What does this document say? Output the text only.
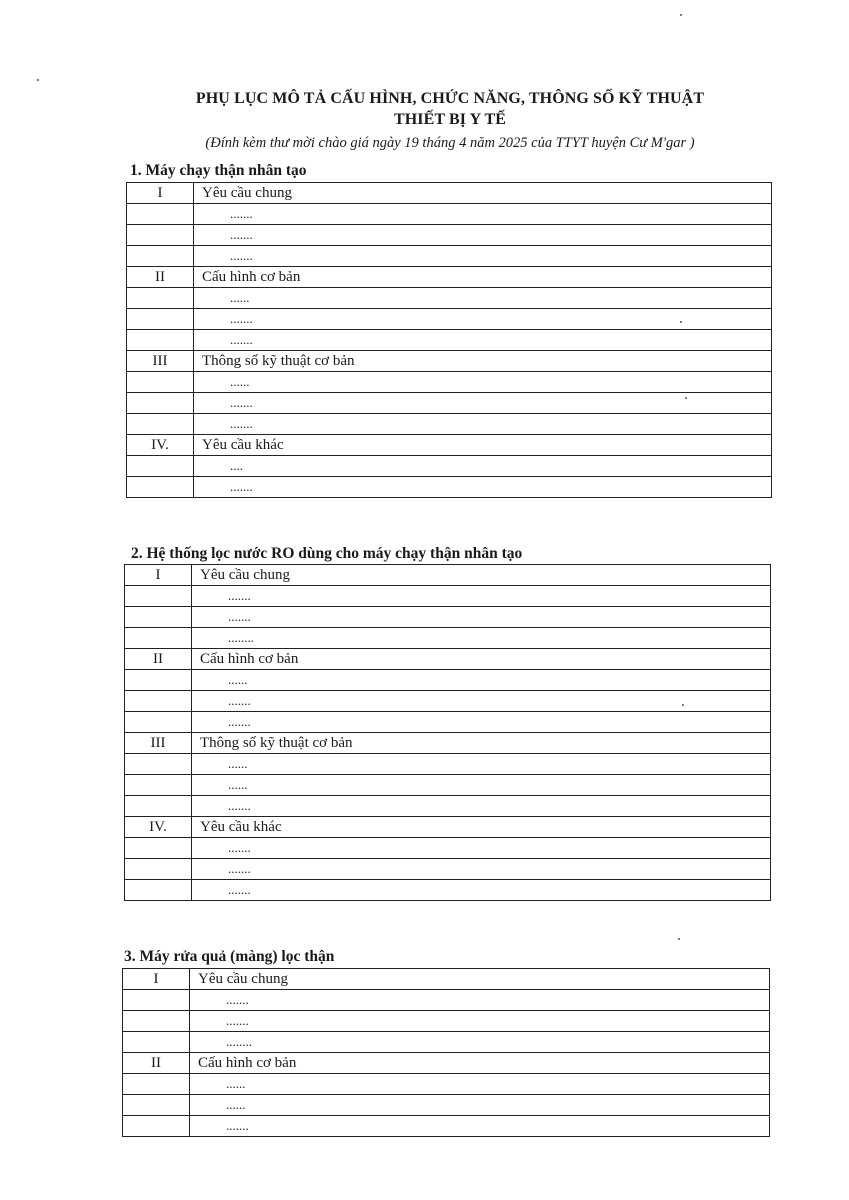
PHỤ LỤC MÔ TẢ CẤU HÌNH, CHỨC NĂNG, THÔNG SỐ KỸ THUẬT
THIẾT BỊ Y TẾ
(Đính kèm thư mời chào giá ngày 19 tháng 4 năm 2025 của TTYT huyện Cư M'gar )
1. Máy chạy thận nhân tạo
I	Yêu cầu chung
	.......
	.......
	.......
II	Cấu hình cơ bản
	......
	.......
	.......
III	Thông số kỹ thuật cơ bản
	......
	.......
	.......
IV.	Yêu cầu khác
	....
	.......
2. Hệ thống lọc nước RO dùng cho máy chạy thận nhân tạo
I	Yêu cầu chung
	.......
	.......
	........
II	Cấu hình cơ bản
	......
	.......
	.......
III	Thông số kỹ thuật cơ bản
	......
	......
	.......
IV.	Yêu cầu khác
	.......
	.......
	.......
3. Máy rửa quả (màng) lọc thận
I	Yêu cầu chung
	.......
	.......
	........
II	Cấu hình cơ bản
	......
	......
	.......
